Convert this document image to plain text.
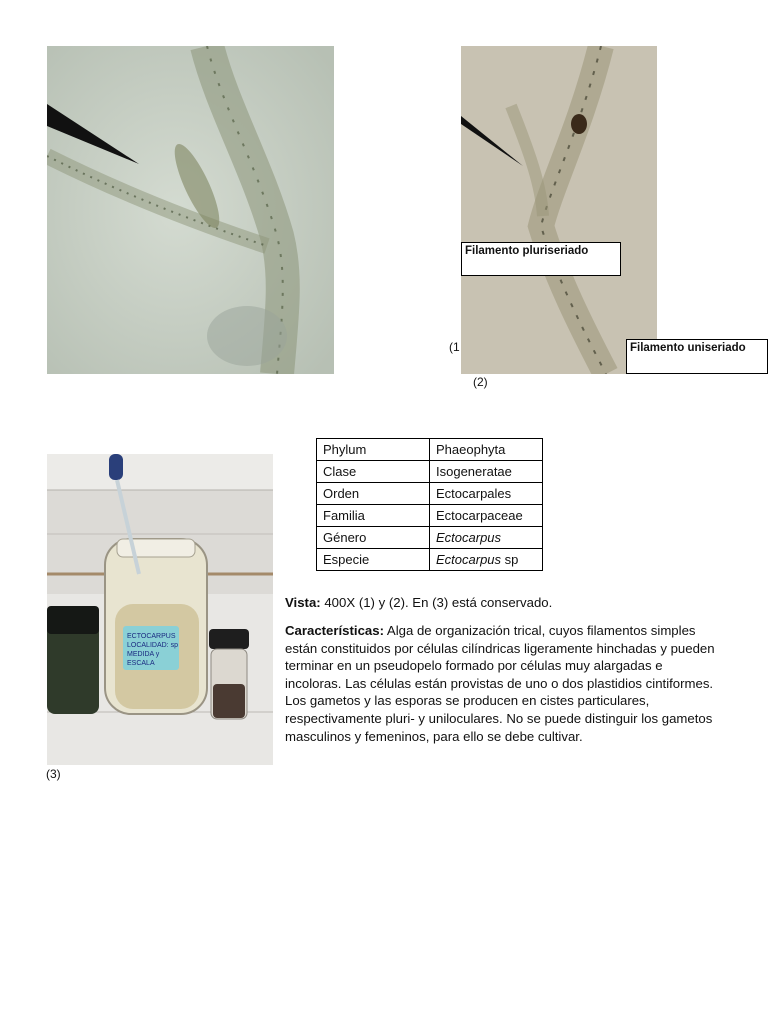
Filamento pluriseriado
Filamento uniseriado
(1
(2)
ECTOCARPUS
LOCALIDAD: sp
MEDIDA y
ESCALA
(3)
Phylum	Phaeophyta
Clase	Isogeneratae
Orden	Ectocarpales
Familia	Ectocarpaceae
Género	Ectocarpus
Especie	Ectocarpus sp
Vista: 400X (1) y (2). En (3) está conservado.
Características: Alga de organización trical, cuyos filamentos simples están constituidos por células cilíndricas ligeramente hinchadas y pueden terminar en un pseudopelo formado por células muy alargadas e incoloras. Las células están provistas de uno o dos plastidios cintiformes. Los gametos y las esporas se producen en cistes particulares, respectivamente pluri- y uniloculares. No se puede distinguir los gametos masculinos y femeninos, para ello se debe cultivar.
